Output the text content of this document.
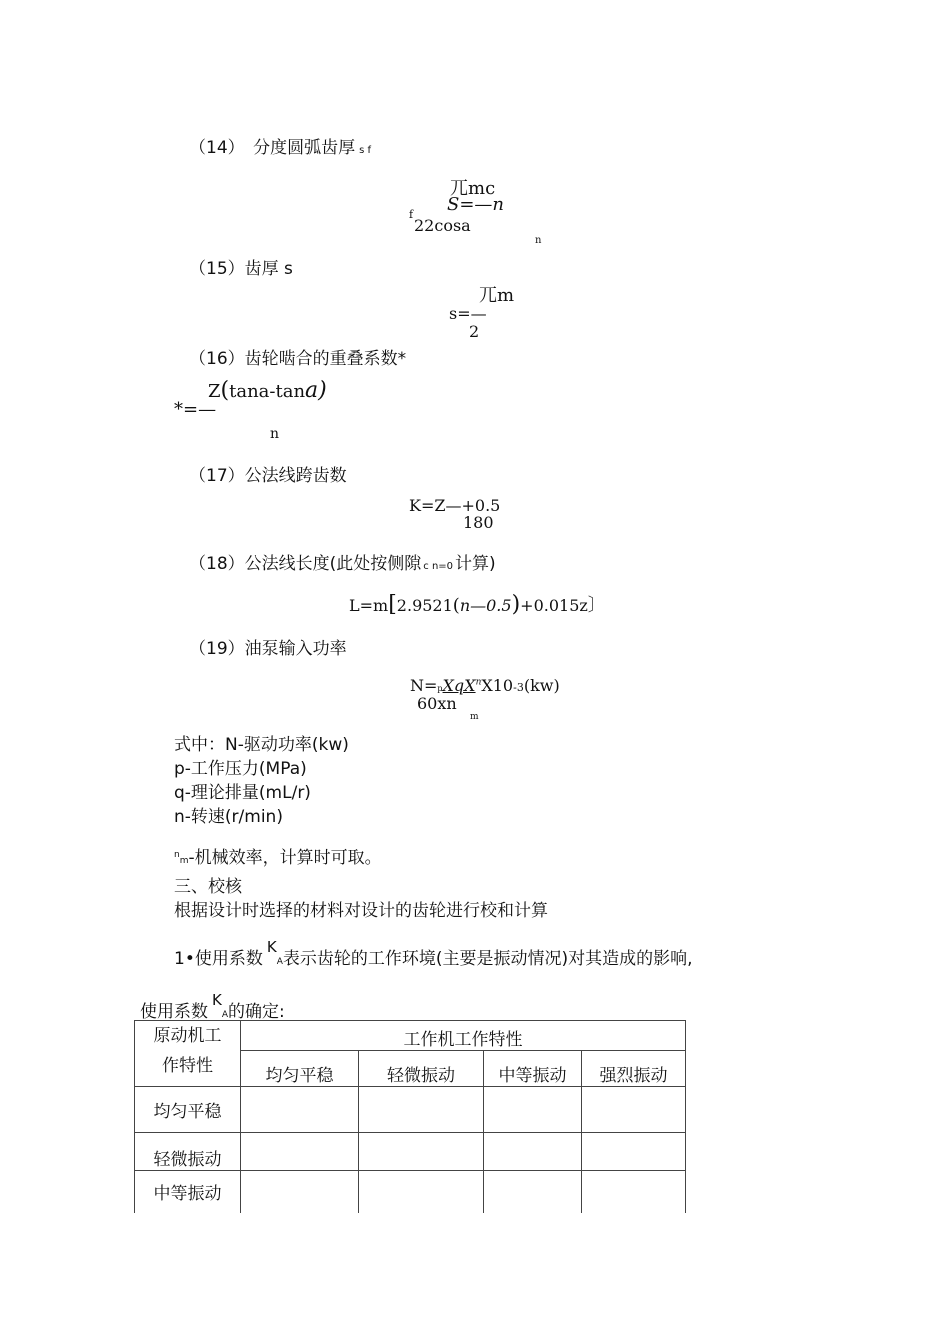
（14）　分度圆弧齿厚 s f
兀mc
S=—n
f
22cosa
n
（15）齿厚 s
兀m
s=—
2
（16）齿轮啮合的重叠系数*
Z(tana-tana)
*=—
n
（17）公法线跨齿数
K=Z—+0.5
180
（18）公法线长度(此处按侧隙 c n=0 计算)
L=m[2.9521(n—0.5)+0.015z〕
（19）油泵输入功率
N=pXqX$^n$X10-3(kw)
60xn
m
式中：N-驱动功率(kw)
p-工作压力(MPa)
q-理论排量(mL/r)
n-转速(r/min)
$^n$m-机械效率，计算时可取。
三、校核
根据设计时选择的材料对设计的齿轮进行校和计算
1•使用系数KA表示齿轮的工作环境(主要是振动情况)对其造成的影响,
使用系数KA的确定:
原动机工
作特性	工作机工作特性			
	均匀平稳	轻微振动	中等振动	强烈振动
均匀平稳				
轻微振动				
中等振动				
